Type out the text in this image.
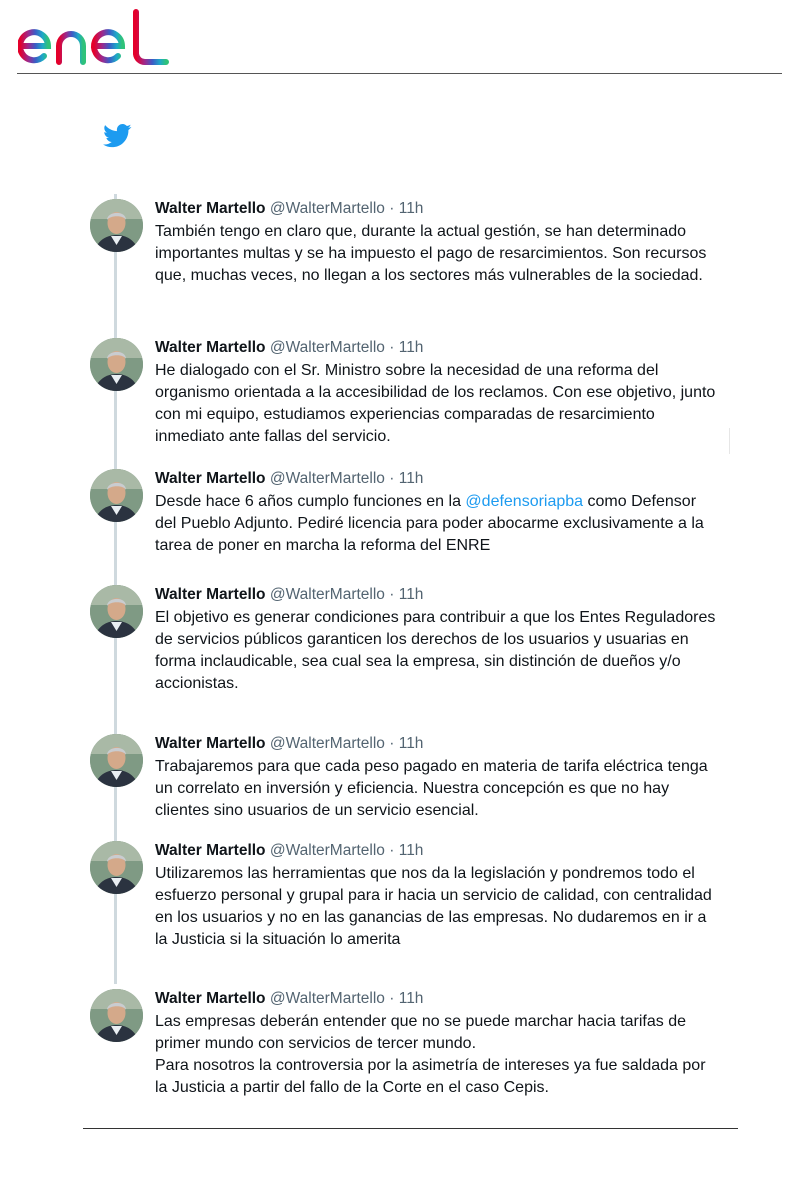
Walter Martello @WalterMartello · 11h
También tengo en claro que, durante la actual gestión, se han determinado importantes multas y se ha impuesto el pago de resarcimientos. Son recursos que, muchas veces, no llegan a los sectores más vulnerables de la sociedad.
Walter Martello @WalterMartello · 11h
He dialogado con el Sr. Ministro sobre la necesidad de una reforma del organismo orientada a la accesibilidad de los reclamos. Con ese objetivo, junto con mi equipo, estudiamos experiencias comparadas de resarcimiento inmediato ante fallas del servicio.
Walter Martello @WalterMartello · 11h
Desde hace 6 años cumplo funciones en la @defensoriapba como Defensor del Pueblo Adjunto. Pediré licencia para poder abocarme exclusivamente a la tarea de poner en marcha la reforma del ENRE
Walter Martello @WalterMartello · 11h
El objetivo es generar condiciones para contribuir a que los Entes Reguladores de servicios públicos garanticen los derechos de los usuarios y usuarias en forma inclaudicable, sea cual sea la empresa, sin distinción de dueños y/o accionistas.
Walter Martello @WalterMartello · 11h
Trabajaremos para que cada peso pagado en materia de tarifa eléctrica tenga un correlato en inversión y eficiencia. Nuestra concepción es que no hay clientes sino usuarios de un servicio esencial.
Walter Martello @WalterMartello · 11h
Utilizaremos las herramientas que nos da la legislación y pondremos todo el esfuerzo personal y grupal para ir hacia un servicio de calidad, con centralidad en los usuarios y no en las ganancias de las empresas. No dudaremos en ir a la Justicia si la situación lo amerita
Walter Martello @WalterMartello · 11h
Las empresas deberán entender que no se puede marchar hacia tarifas de primer mundo con servicios de tercer mundo.
Para nosotros la controversia por la asimetría de intereses ya fue saldada por la Justicia a partir del fallo de la Corte en el caso Cepis.
